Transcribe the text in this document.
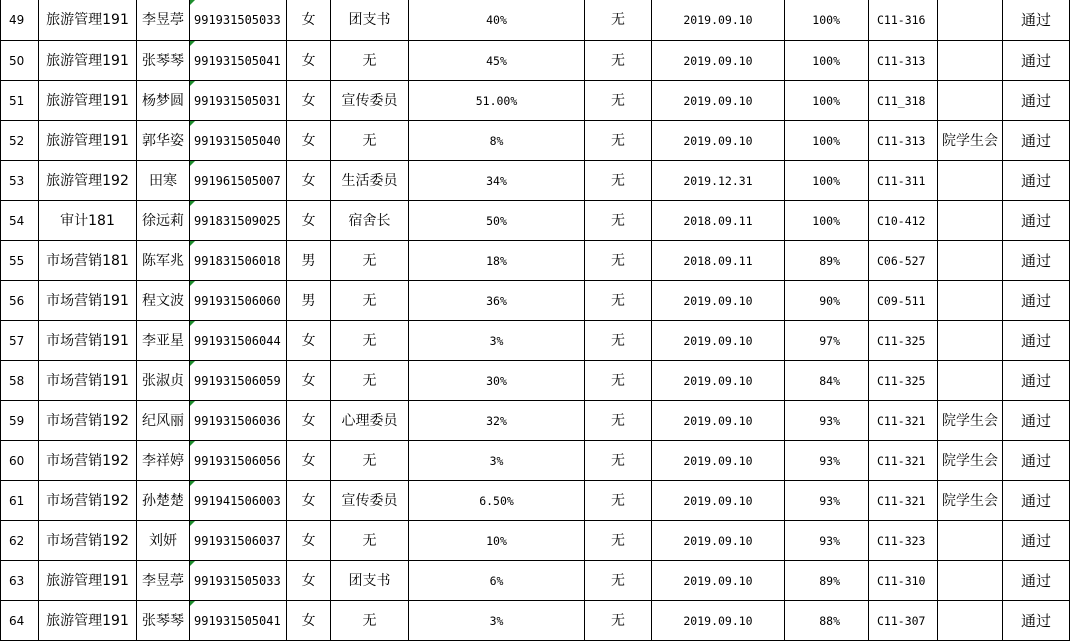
49	旅游管理191	李昱葶	991931505033	女	团支书	40%	无	2019.09.10	100%	C11-316		通过
50	旅游管理191	张琴琴	991931505041	女	无	45%	无	2019.09.10	100%	C11-313		通过
51	旅游管理191	杨梦圆	991931505031	女	宣传委员	51.00%	无	2019.09.10	100%	C11_318		通过
52	旅游管理191	郭华姿	991931505040	女	无	8%	无	2019.09.10	100%	C11-313	院学生会	通过
53	旅游管理192	田寒	991961505007	女	生活委员	34%	无	2019.12.31	100%	C11-311		通过
54	审计181	徐远莉	991831509025	女	宿舍长	50%	无	2018.09.11	100%	C10-412		通过
55	市场营销181	陈军兆	991831506018	男	无	18%	无	2018.09.11	89%	C06-527		通过
56	市场营销191	程文波	991931506060	男	无	36%	无	2019.09.10	90%	C09-511		通过
57	市场营销191	李亚星	991931506044	女	无	3%	无	2019.09.10	97%	C11-325		通过
58	市场营销191	张淑贞	991931506059	女	无	30%	无	2019.09.10	84%	C11-325		通过
59	市场营销192	纪风丽	991931506036	女	心理委员	32%	无	2019.09.10	93%	C11-321	院学生会	通过
60	市场营销192	李祥婷	991931506056	女	无	3%	无	2019.09.10	93%	C11-321	院学生会	通过
61	市场营销192	孙楚楚	991941506003	女	宣传委员	6.50%	无	2019.09.10	93%	C11-321	院学生会	通过
62	市场营销192	刘妍	991931506037	女	无	10%	无	2019.09.10	93%	C11-323		通过
63	旅游管理191	李昱葶	991931505033	女	团支书	6%	无	2019.09.10	89%	C11-310		通过
64	旅游管理191	张琴琴	991931505041	女	无	3%	无	2019.09.10	88%	C11-307		通过
